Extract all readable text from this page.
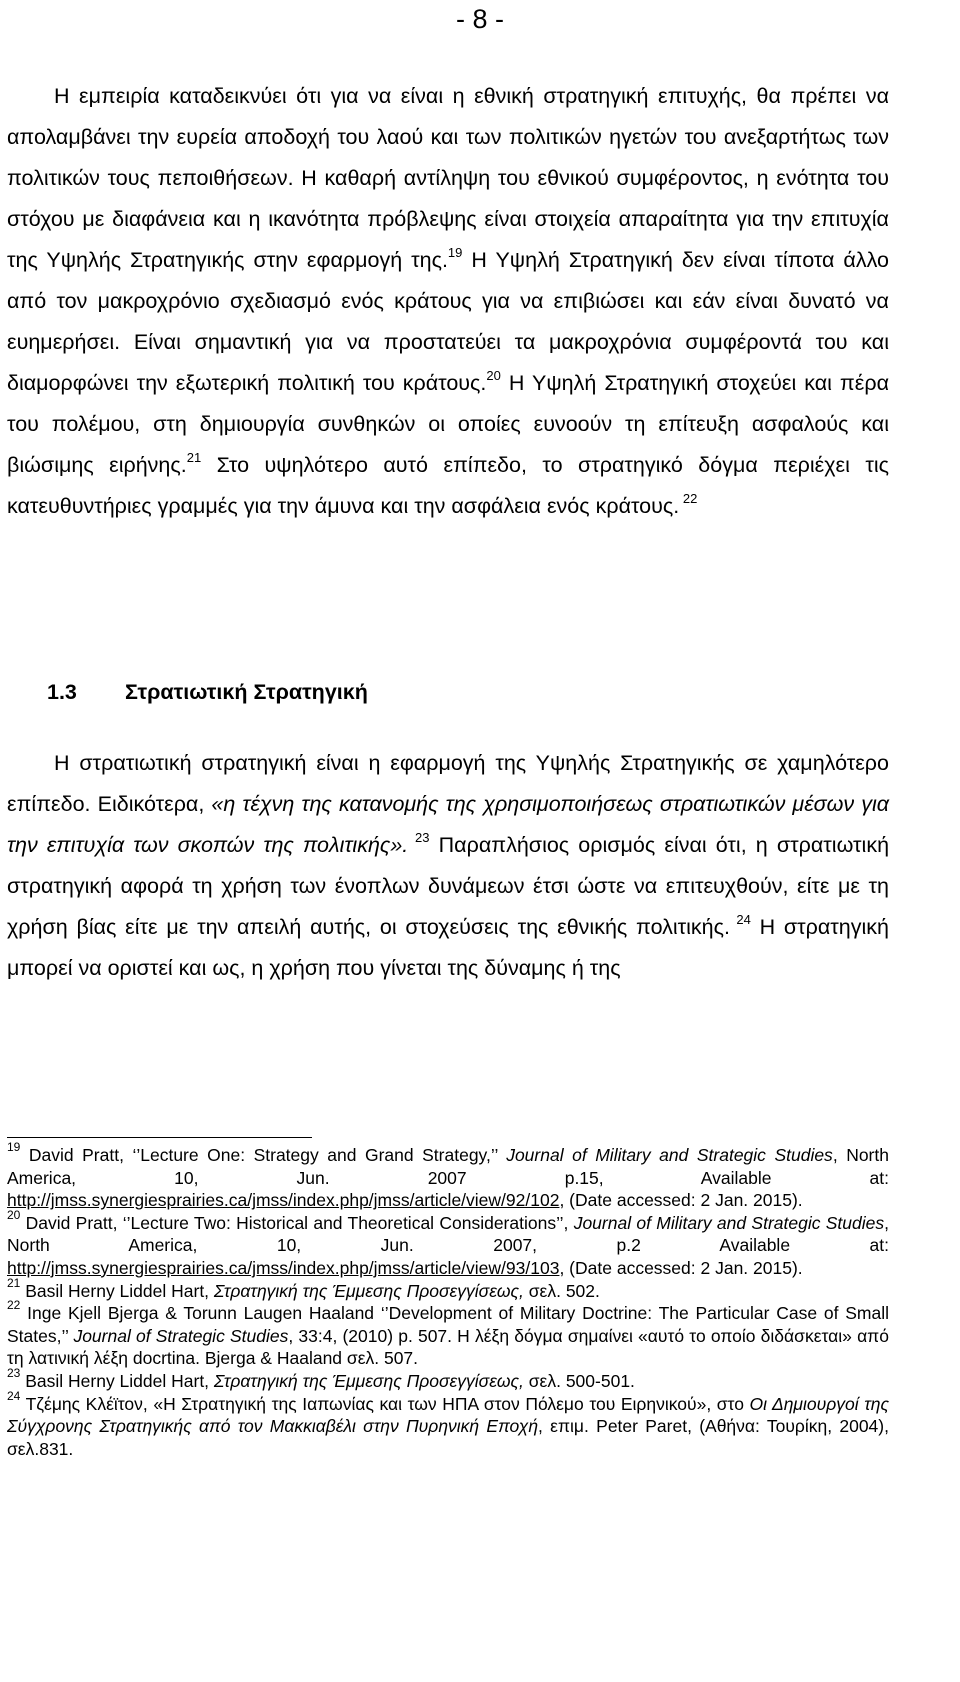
- 8 -

Η εμπειρία καταδεικνύει ότι για να είναι η εθνική στρατηγική επιτυχής, θα πρέπει να απολαμβάνει την ευρεία αποδοχή του λαού και των πολιτικών ηγετών του ανεξαρτήτως των πολιτικών τους πεποιθήσεων. Η καθαρή αντίληψη του εθνικού συμφέροντος, η ενότητα του στόχου με διαφάνεια και η ικανότητα πρόβλεψης είναι στοιχεία απαραίτητα για την επιτυχία της Υψηλής Στρατηγικής στην εφαρμογή της.$^{19}$ Η Υψηλή Στρατηγική δεν είναι τίποτα άλλο από τον μακροχρόνιο σχεδιασμό ενός κράτους για να επιβιώσει και εάν είναι δυνατό να ευημερήσει. Είναι σημαντική για να προστατεύει τα μακροχρόνια συμφέροντά του και διαμορφώνει την εξωτερική πολιτική του κράτους.$^{20}$ Η Υψηλή Στρατηγική στοχεύει και πέρα του πολέμου, στη δημιουργία συνθηκών οι οποίες ευνοούν τη επίτευξη ασφαλούς και βιώσιμης ειρήνης.$^{21}$ Στο υψηλότερο αυτό επίπεδο, το στρατηγικό δόγμα περιέχει τις κατευθυντήριες γραμμές για την άμυνα και την ασφάλεια ενός κράτους. $^{22}$

1.3 Στρατιωτική Στρατηγική

Η στρατιωτική στρατηγική είναι η εφαρμογή της Υψηλής Στρατηγικής σε χαμηλότερο επίπεδο. Ειδικότερα, «η τέχνη της κατανομής της χρησιμοποιήσεως στρατιωτικών μέσων για την επιτυχία των σκοπών της πολιτικής». $^{23}$ Παραπλήσιος ορισμός είναι ότι, η στρατιωτική στρατηγική αφορά τη χρήση των ένοπλων δυνάμεων έτσι ώστε να επιτευχθούν, είτε με τη χρήση βίας είτε με την απειλή αυτής, οι στοχεύσεις της εθνικής πολιτικής. $^{24}$ Η στρατηγική μπορεί να οριστεί και ως, η χρήση που γίνεται της δύναμης ή της

$^{19}$ David Pratt, ‘’Lecture One: Strategy and Grand Strategy,’’ Journal of Military and Strategic Studies, North America, 10, Jun. 2007 p.15, Available at: http://jmss.synergiesprairies.ca/jmss/index.php/jmss/article/view/92/102, (Date accessed: 2 Jan. 2015).

$^{20}$ David Pratt, ‘’Lecture Two: Historical and Theoretical Considerations’’, Journal of Military and Strategic Studies, North America, 10, Jun. 2007, p.2 Available at: http://jmss.synergiesprairies.ca/jmss/index.php/jmss/article/view/93/103, (Date accessed: 2 Jan. 2015).

$^{21}$ Basil Herny Liddel Hart, Στρατηγική της Έμμεσης Προσεγγίσεως, σελ. 502.

$^{22}$ Inge Kjell Bjerga & Torunn Laugen Haaland ‘’Development of Military Doctrine: The Particular Case of Small States,’’ Journal of Strategic Studies, 33:4, (2010) p. 507. Η λέξη δόγμα σημαίνει «αυτό το οποίο διδάσκεται» από τη λατινική λέξη docrtina. Bjerga & Haaland σελ. 507.

$^{23}$ Basil Herny Liddel Hart, Στρατηγική της Έμμεσης Προσεγγίσεως, σελ. 500-501.

$^{24}$ Τζέμης Κλέϊτον, «Η Στρατηγική της Ιαπωνίας και των ΗΠΑ στον Πόλεμο του Ειρηνικού», στο Οι Δημιουργοί της Σύγχρονης Στρατηγικής από τον Μακκιαβέλι στην Πυρηνική Εποχή, επιμ. Peter Paret, (Αθήνα: Τουρίκη, 2004), σελ.831.
